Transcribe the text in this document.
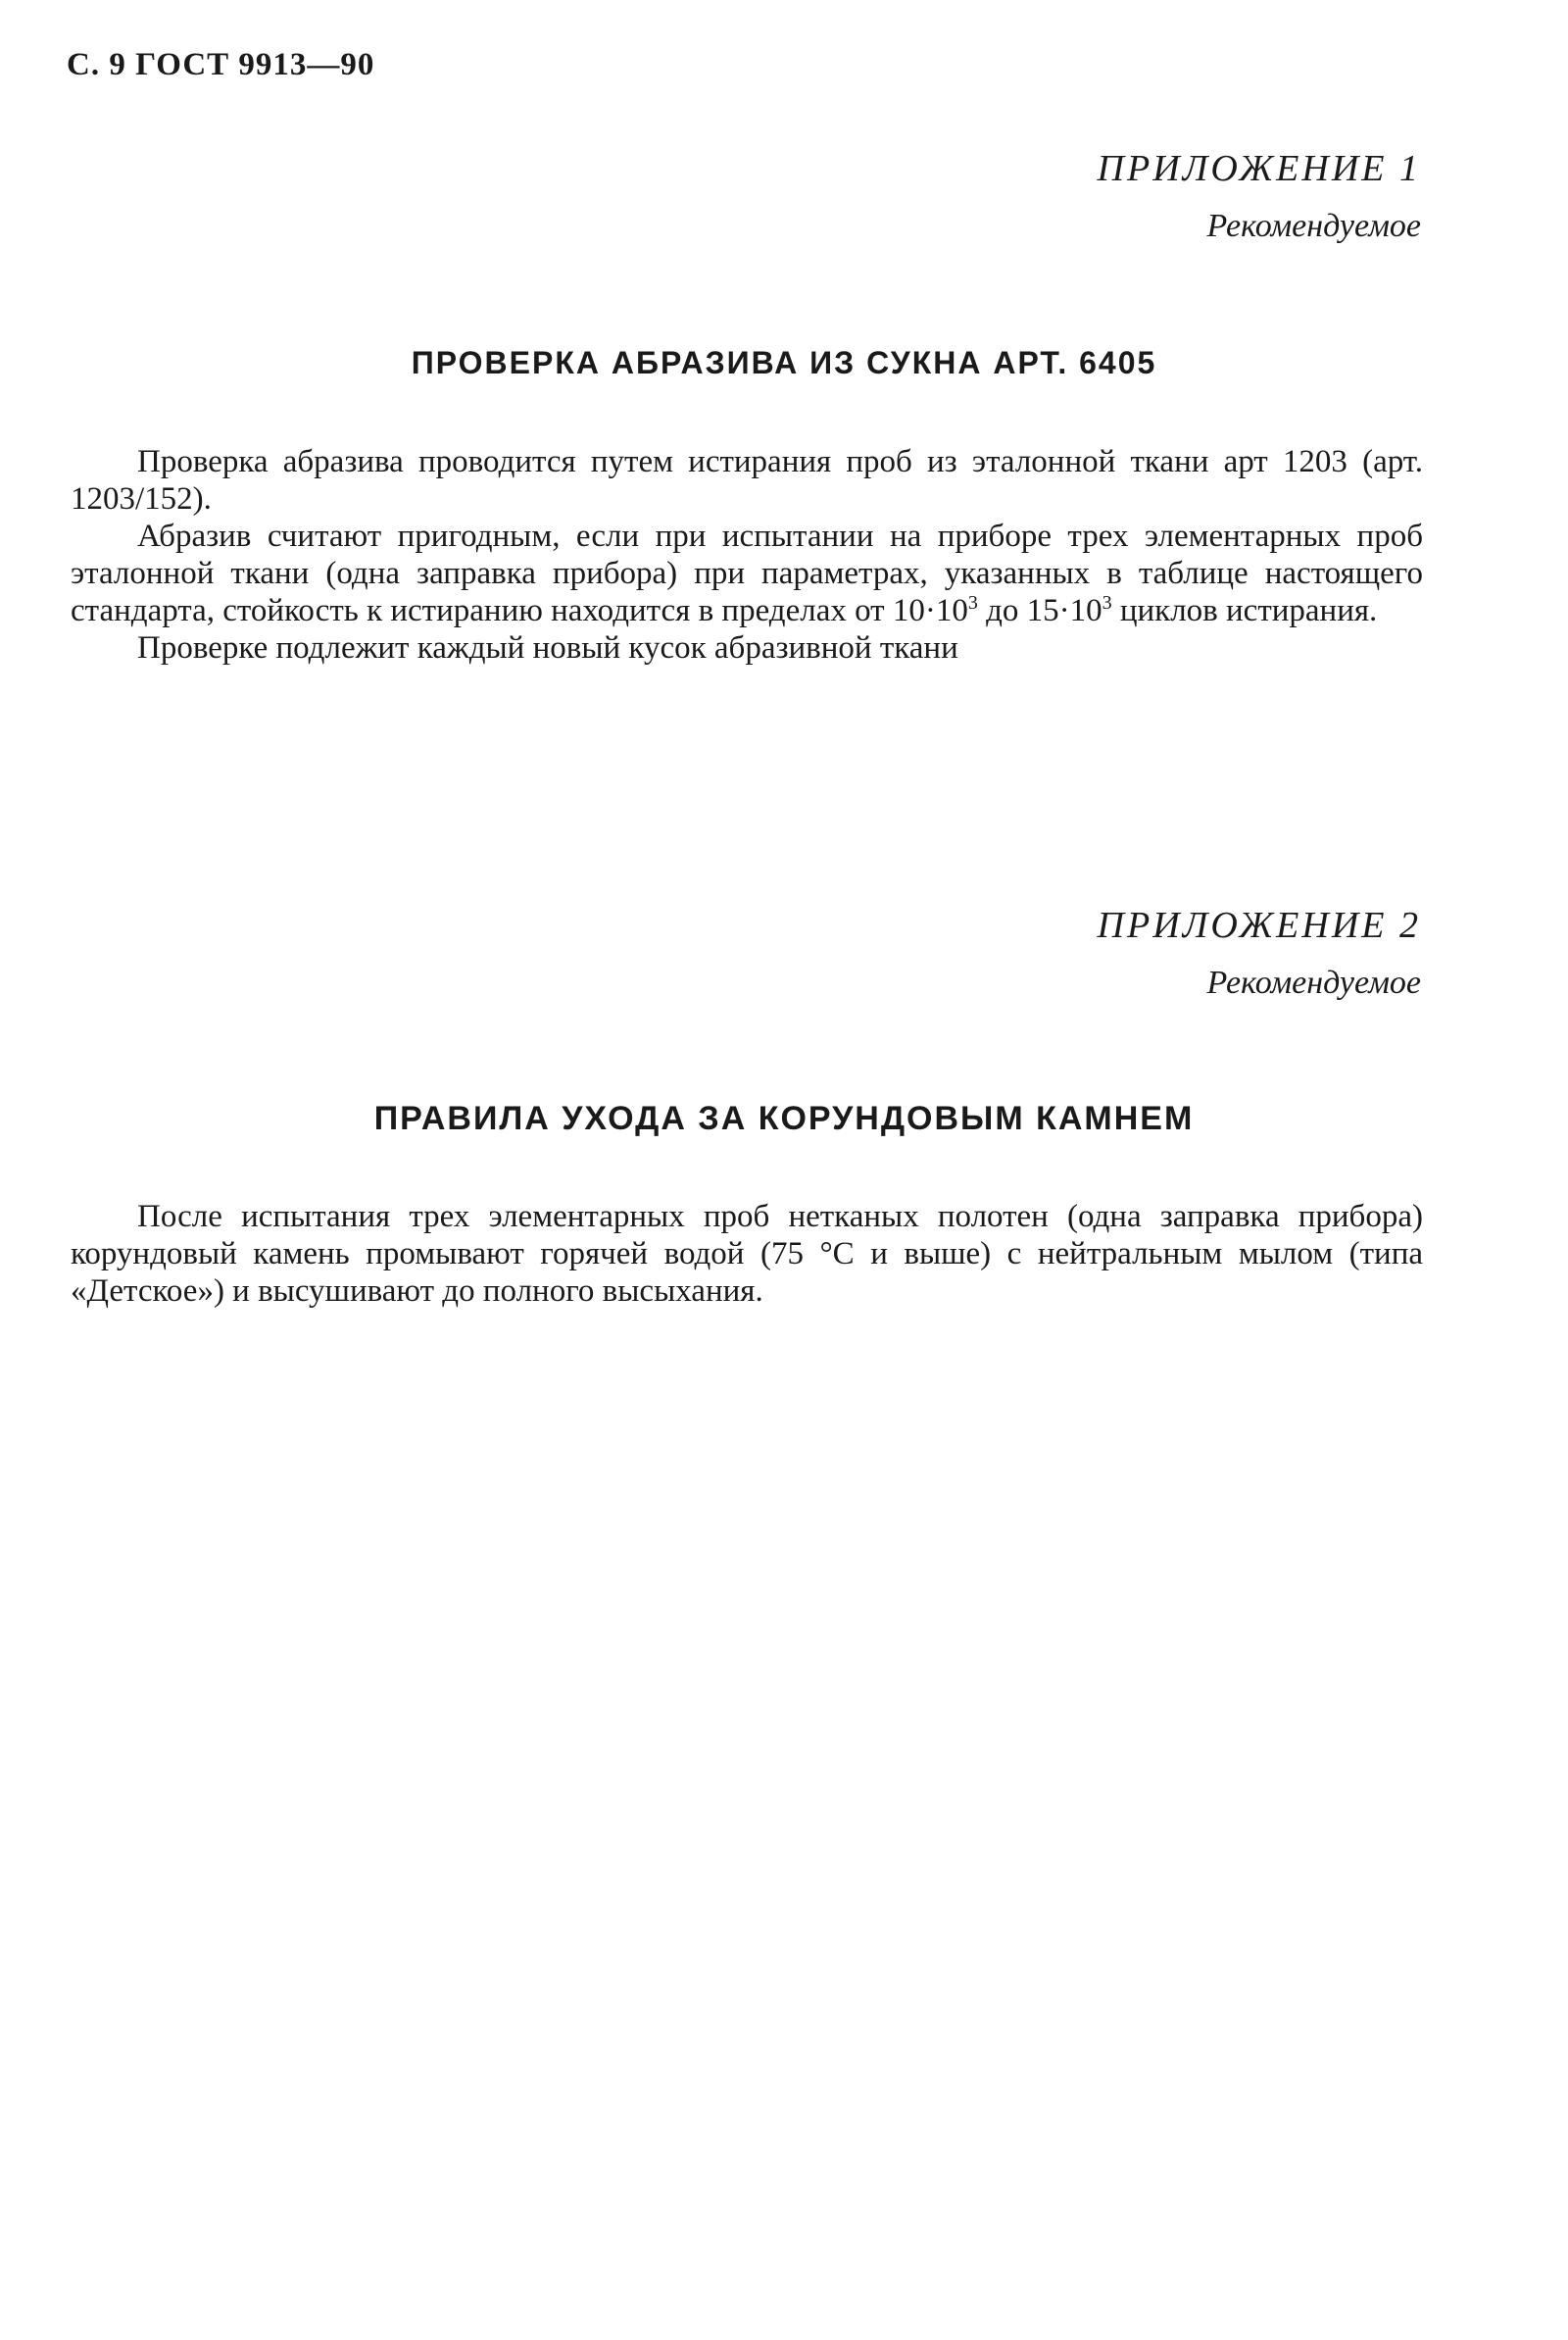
С. 9 ГОСТ 9913—90
ПРИЛОЖЕНИЕ 1
Рекомендуемое
ПРОВЕРКА АБРАЗИВА ИЗ СУКНА АРТ. 6405

Проверка абразива проводится путем истирания проб из эталонной ткани арт 1203 (арт. 1203/152).

Абразив считают пригодным, если при испытании на приборе трех элементарных проб эталонной ткани (одна заправка прибора) при параметрах, указанных в таблице настоящего стандарта, стойкость к истиранию находится в пределах от $10\cdot 10^3$ до $15\cdot 10^3$ циклов истирания.

Проверке подлежит каждый новый кусок абразивной ткани

ПРИЛОЖЕНИЕ 2
Рекомендуемое
ПРАВИЛА УХОДА ЗА КОРУНДОВЫМ КАМНЕМ

После испытания трех элементарных проб нетканых полотен (одна заправка прибора) корундовый камень промывают горячей водой (75 °С и выше) с нейтральным мылом (типа «Детское») и высушивают до полного высыхания.
